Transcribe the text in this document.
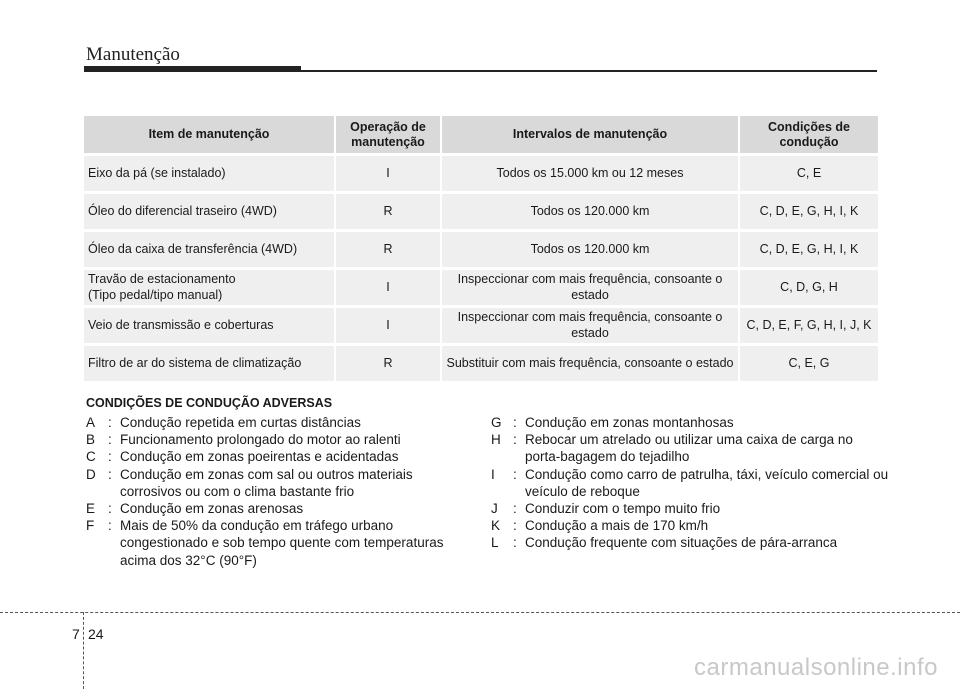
Manutenção
Item de manutenção	Operação de manutenção	Intervalos de manutenção	Condições de condução

Eixo da pá (se instalado)	I	Todos os 15.000 km ou 12 meses	C, E

Óleo do diferencial traseiro (4WD)	R	Todos os 120.000 km	C, D, E, G, H, I, K

Óleo da caixa de transferência (4WD)	R	Todos os 120.000 km	C, D, E, G, H, I, K

Travão de estacionamento
(Tipo pedal/tipo manual)	I	Inspeccionar com mais frequência, consoante o estado	C, D, G, H

Veio de transmissão e coberturas	I	Inspeccionar com mais frequência, consoante o estado	C, D, E, F, G, H, I, J, K

Filtro de ar do sistema de climatização	R	Substituir com mais frequência, consoante o estado	C, E, G
CONDIÇÕES DE CONDUÇÃO ADVERSAS
A : Condução repetida em curtas distâncias
B : Funcionamento prolongado do motor ao ralenti
C : Condução em zonas poeirentas e acidentadas
D : Condução em zonas com sal ou outros materiais corrosivos ou com o clima bastante frio
E : Condução em zonas arenosas
F	: Mais de 50% da condução em tráfego urbano congestionado e sob tempo quente com temperaturas acima dos 32°C (90°F)
G : Condução em zonas montanhosas
H : Rebocar um atrelado ou utilizar uma caixa de carga no porta-bagagem do tejadilho
I	: Condução como carro de patrulha, táxi, veículo comercial ou veículo de reboque
J	: Conduzir com o tempo muito frio
K : Condução a mais de 170 km/h
L	: Condução frequente com situações de pára-arranca
7 24
carmanualsonline.info
